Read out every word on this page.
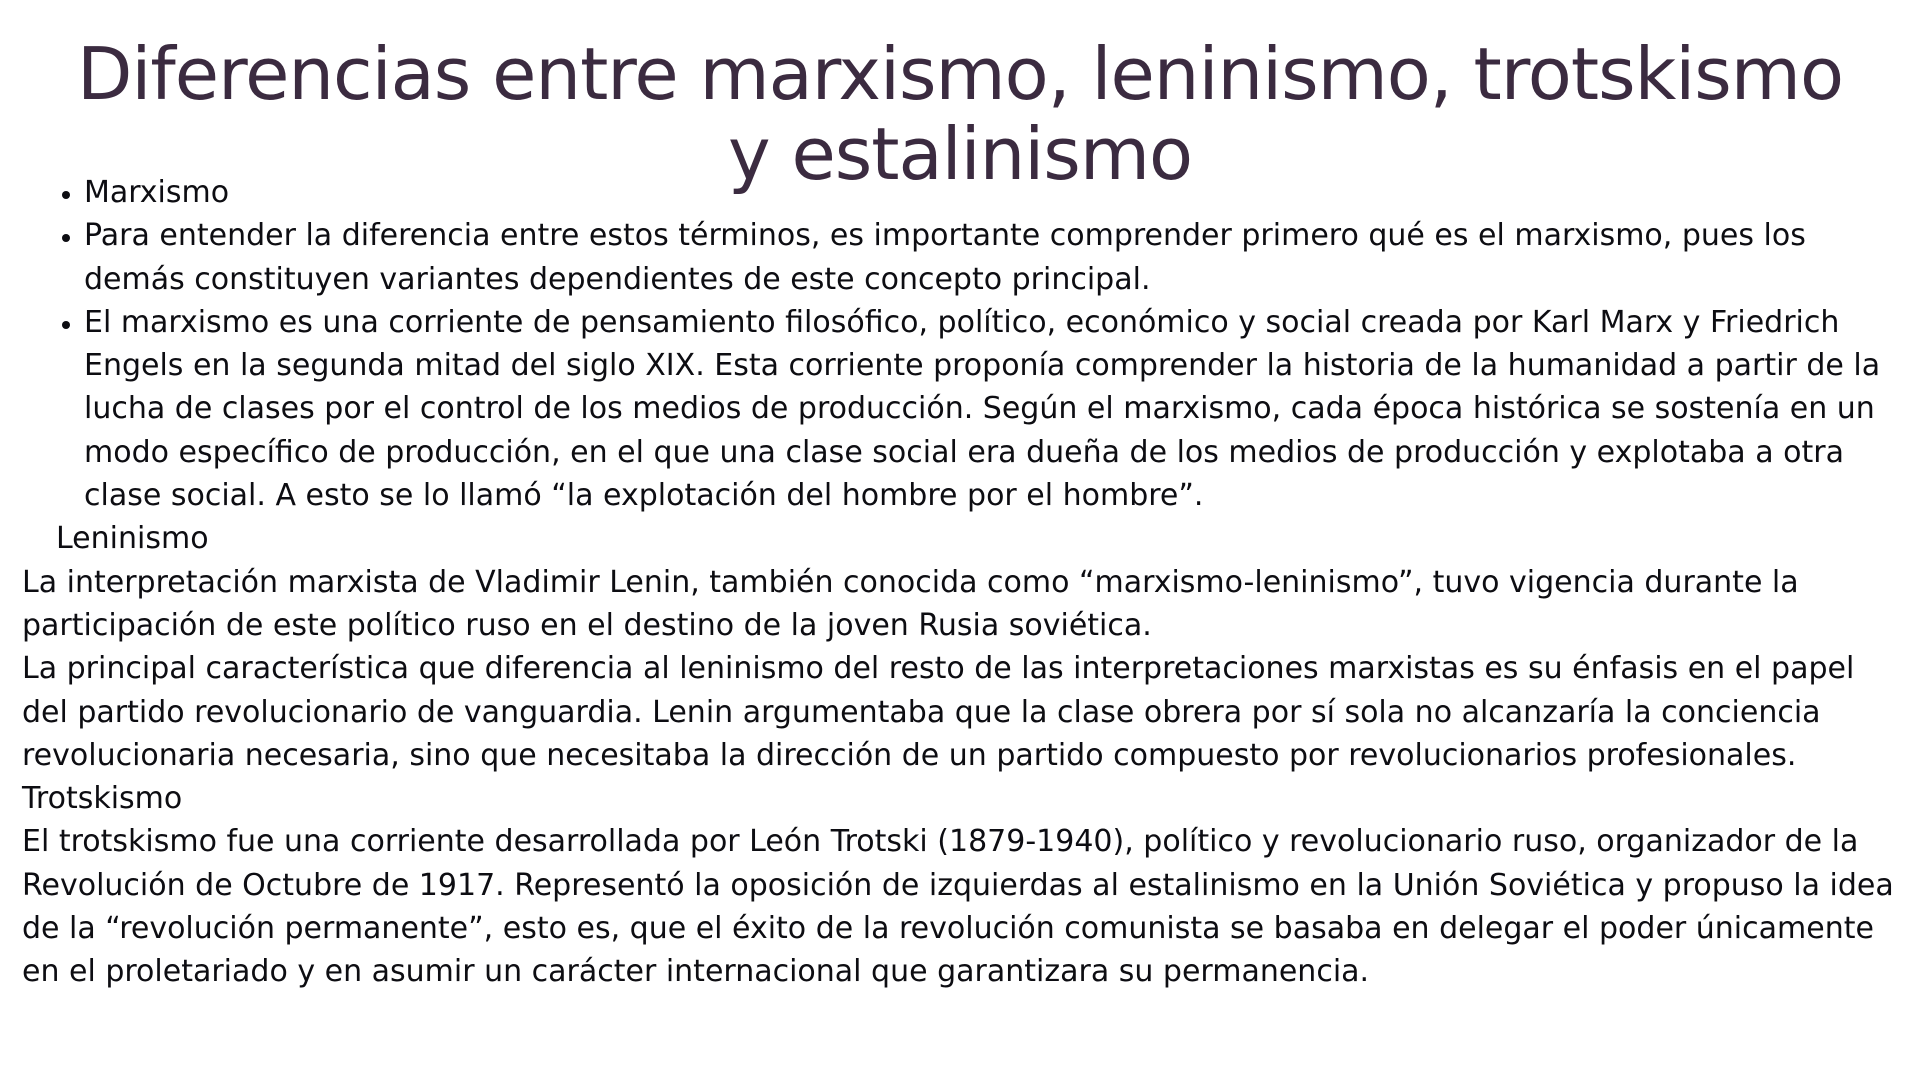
Diferencias entre marxismo, leninismo, trotskismo y estalinismo
• Marxismo
• Para entender la diferencia entre estos términos, es importante comprender primero qué es el marxismo, pues los demás constituyen variantes dependientes de este concepto principal.
• El marxismo es una corriente de pensamiento filosófico, político, económico y social creada por Karl Marx y Friedrich Engels en la segunda mitad del siglo XIX. Esta corriente proponía comprender la historia de la humanidad a partir de la lucha de clases por el control de los medios de producción. Según el marxismo, cada época histórica se sostenía en un modo específico de producción, en el que una clase social era dueña de los medios de producción y explotaba a otra clase social. A esto se lo llamó “la explotación del hombre por el hombre”.

Leninismo

La interpretación marxista de Vladimir Lenin, también conocida como “marxismo-leninismo”, tuvo vigencia durante la participación de este político ruso en el destino de la joven Rusia soviética.

La principal característica que diferencia al leninismo del resto de las interpretaciones marxistas es su énfasis en el papel del partido revolucionario de vanguardia. Lenin argumentaba que la clase obrera por sí sola no alcanzaría la conciencia revolucionaria necesaria, sino que necesitaba la dirección de un partido compuesto por revolucionarios profesionales.

Trotskismo

El trotskismo fue una corriente desarrollada por León Trotski (1879-1940), político y revolucionario ruso, organizador de la Revolución de Octubre de 1917. Representó la oposición de izquierdas al estalinismo en la Unión Soviética y propuso la idea de la “revolución permanente”, esto es, que el éxito de la revolución comunista se basaba en delegar el poder únicamente en el proletariado y en asumir un carácter internacional que garantizara su permanencia.
